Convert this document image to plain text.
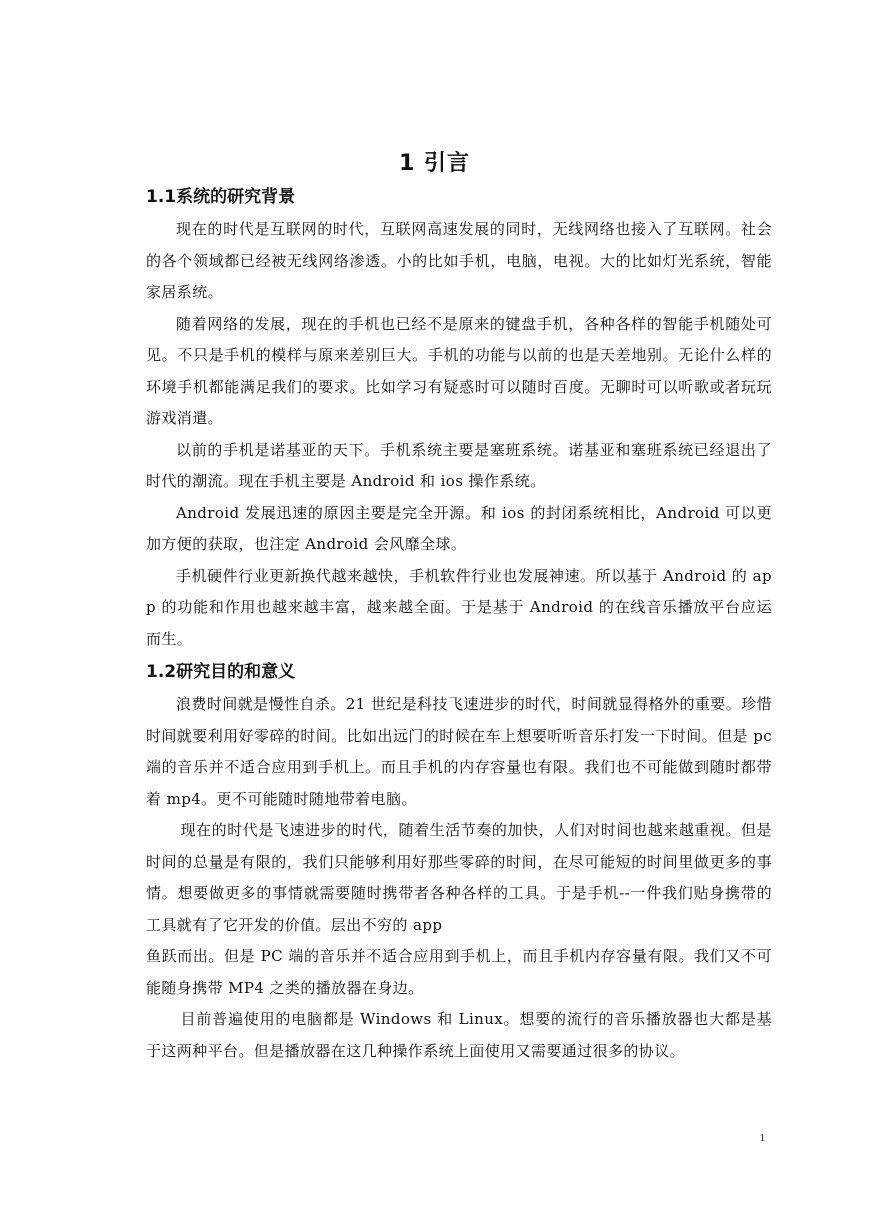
1 引言
1.1系统的研究背景

现在的时代是互联网的时代，互联网高速发展的同时，无线网络也接入了互联网。社会的各个领域都已经被无线网络渗透。小的比如手机，电脑，电视。大的比如灯光系统，智能家居系统。

随着网络的发展，现在的手机也已经不是原来的键盘手机，各种各样的智能手机随处可见。不只是手机的模样与原来差别巨大。手机的功能与以前的也是天差地别。无论什么样的环境手机都能满足我们的要求。比如学习有疑惑时可以随时百度。无聊时可以听歌或者玩玩游戏消遣。

以前的手机是诺基亚的天下。手机系统主要是塞班系统。诺基亚和塞班系统已经退出了时代的潮流。现在手机主要是 Android 和 ios 操作系统。

Android 发展迅速的原因主要是完全开源。和 ios 的封闭系统相比，Android 可以更加方便的获取，也注定 Android 会风靡全球。

手机硬件行业更新换代越来越快，手机软件行业也发展神速。所以基于 Android 的 app 的功能和作用也越来越丰富，越来越全面。于是基于 Android 的在线音乐播放平台应运而生。

1.2研究目的和意义

浪费时间就是慢性自杀。21 世纪是科技飞速进步的时代，时间就显得格外的重要。珍惜时间就要利用好零碎的时间。比如出远门的时候在车上想要听听音乐打发一下时间。但是 pc 端的音乐并不适合应用到手机上。而且手机的内存容量也有限。我们也不可能做到随时都带着 mp4。更不可能随时随地带着电脑。

现在的时代是飞速进步的时代，随着生活节奏的加快，人们对时间也越来越重视。但是时间的总量是有限的，我们只能够利用好那些零碎的时间，在尽可能短的时间里做更多的事情。想要做更多的事情就需要随时携带者各种各样的工具。于是手机--一件我们贴身携带的工具就有了它开发的价值。层出不穷的 app

鱼跃而出。但是 PC 端的音乐并不适合应用到手机上，而且手机内存容量有限。我们又不可能随身携带 MP4 之类的播放器在身边。

目前普遍使用的电脑都是 Windows 和 Linux。想要的流行的音乐播放器也大都是基于这两种平台。但是播放器在这几种操作系统上面使用又需要通过很多的协议。

1
